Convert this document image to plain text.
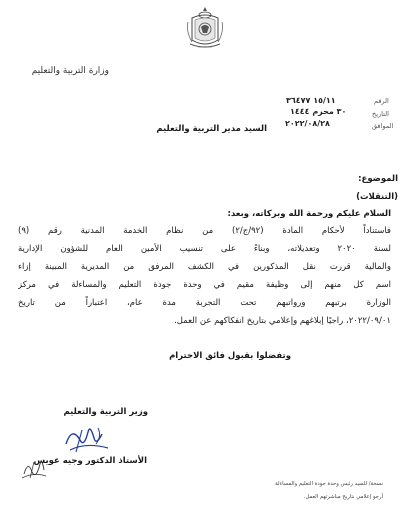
وزارة التربية والتعليم
الرقم
١٥/١١ ٣٦٤٧٧
التاريخ
٣٠ محرم ١٤٤٤
الموافق
٢٠٢٢/٠٨/٢٨
السيد مدير التربية والتعليم
الموضوع:
(التنقلات)
السلام عليكم ورحمة الله وبركاته، وبعد:
فاستناداً لأحكام المادة (٩٢/ج/٢) من نظام الخدمة المدنية رقم (٩)
لسنة ٢٠٢٠ وتعديلاته، وبناءً على تنسيب الأمين العام للشؤون الإدارية
والمالية قررت نقل المذكورين في الكشف المرفق من المديرية المبينة إزاء
اسم كل منهم إلى وظيفة مقيم في وحدة جودة التعليم والمساءلة في مركز
الوزارة برتبهم ورواتبهم تحت التجربة مدة عام، اعتباراً من تاريخ
٢٠٢٢/٠٩/٠١، راجيًا إبلاغهم وإعلامي بتاريخ انفكاكهم عن العمل.
وتفضلوا بقبول فائق الاحترام
وزير التربية والتعليم
الأستاذ الدكتور وجيه عويس
نسخة/ للسيد رئيس وحدة جودة التعليم والمساءلة
أرجو إعلامي بتاريخ مباشرتهم العمل.
